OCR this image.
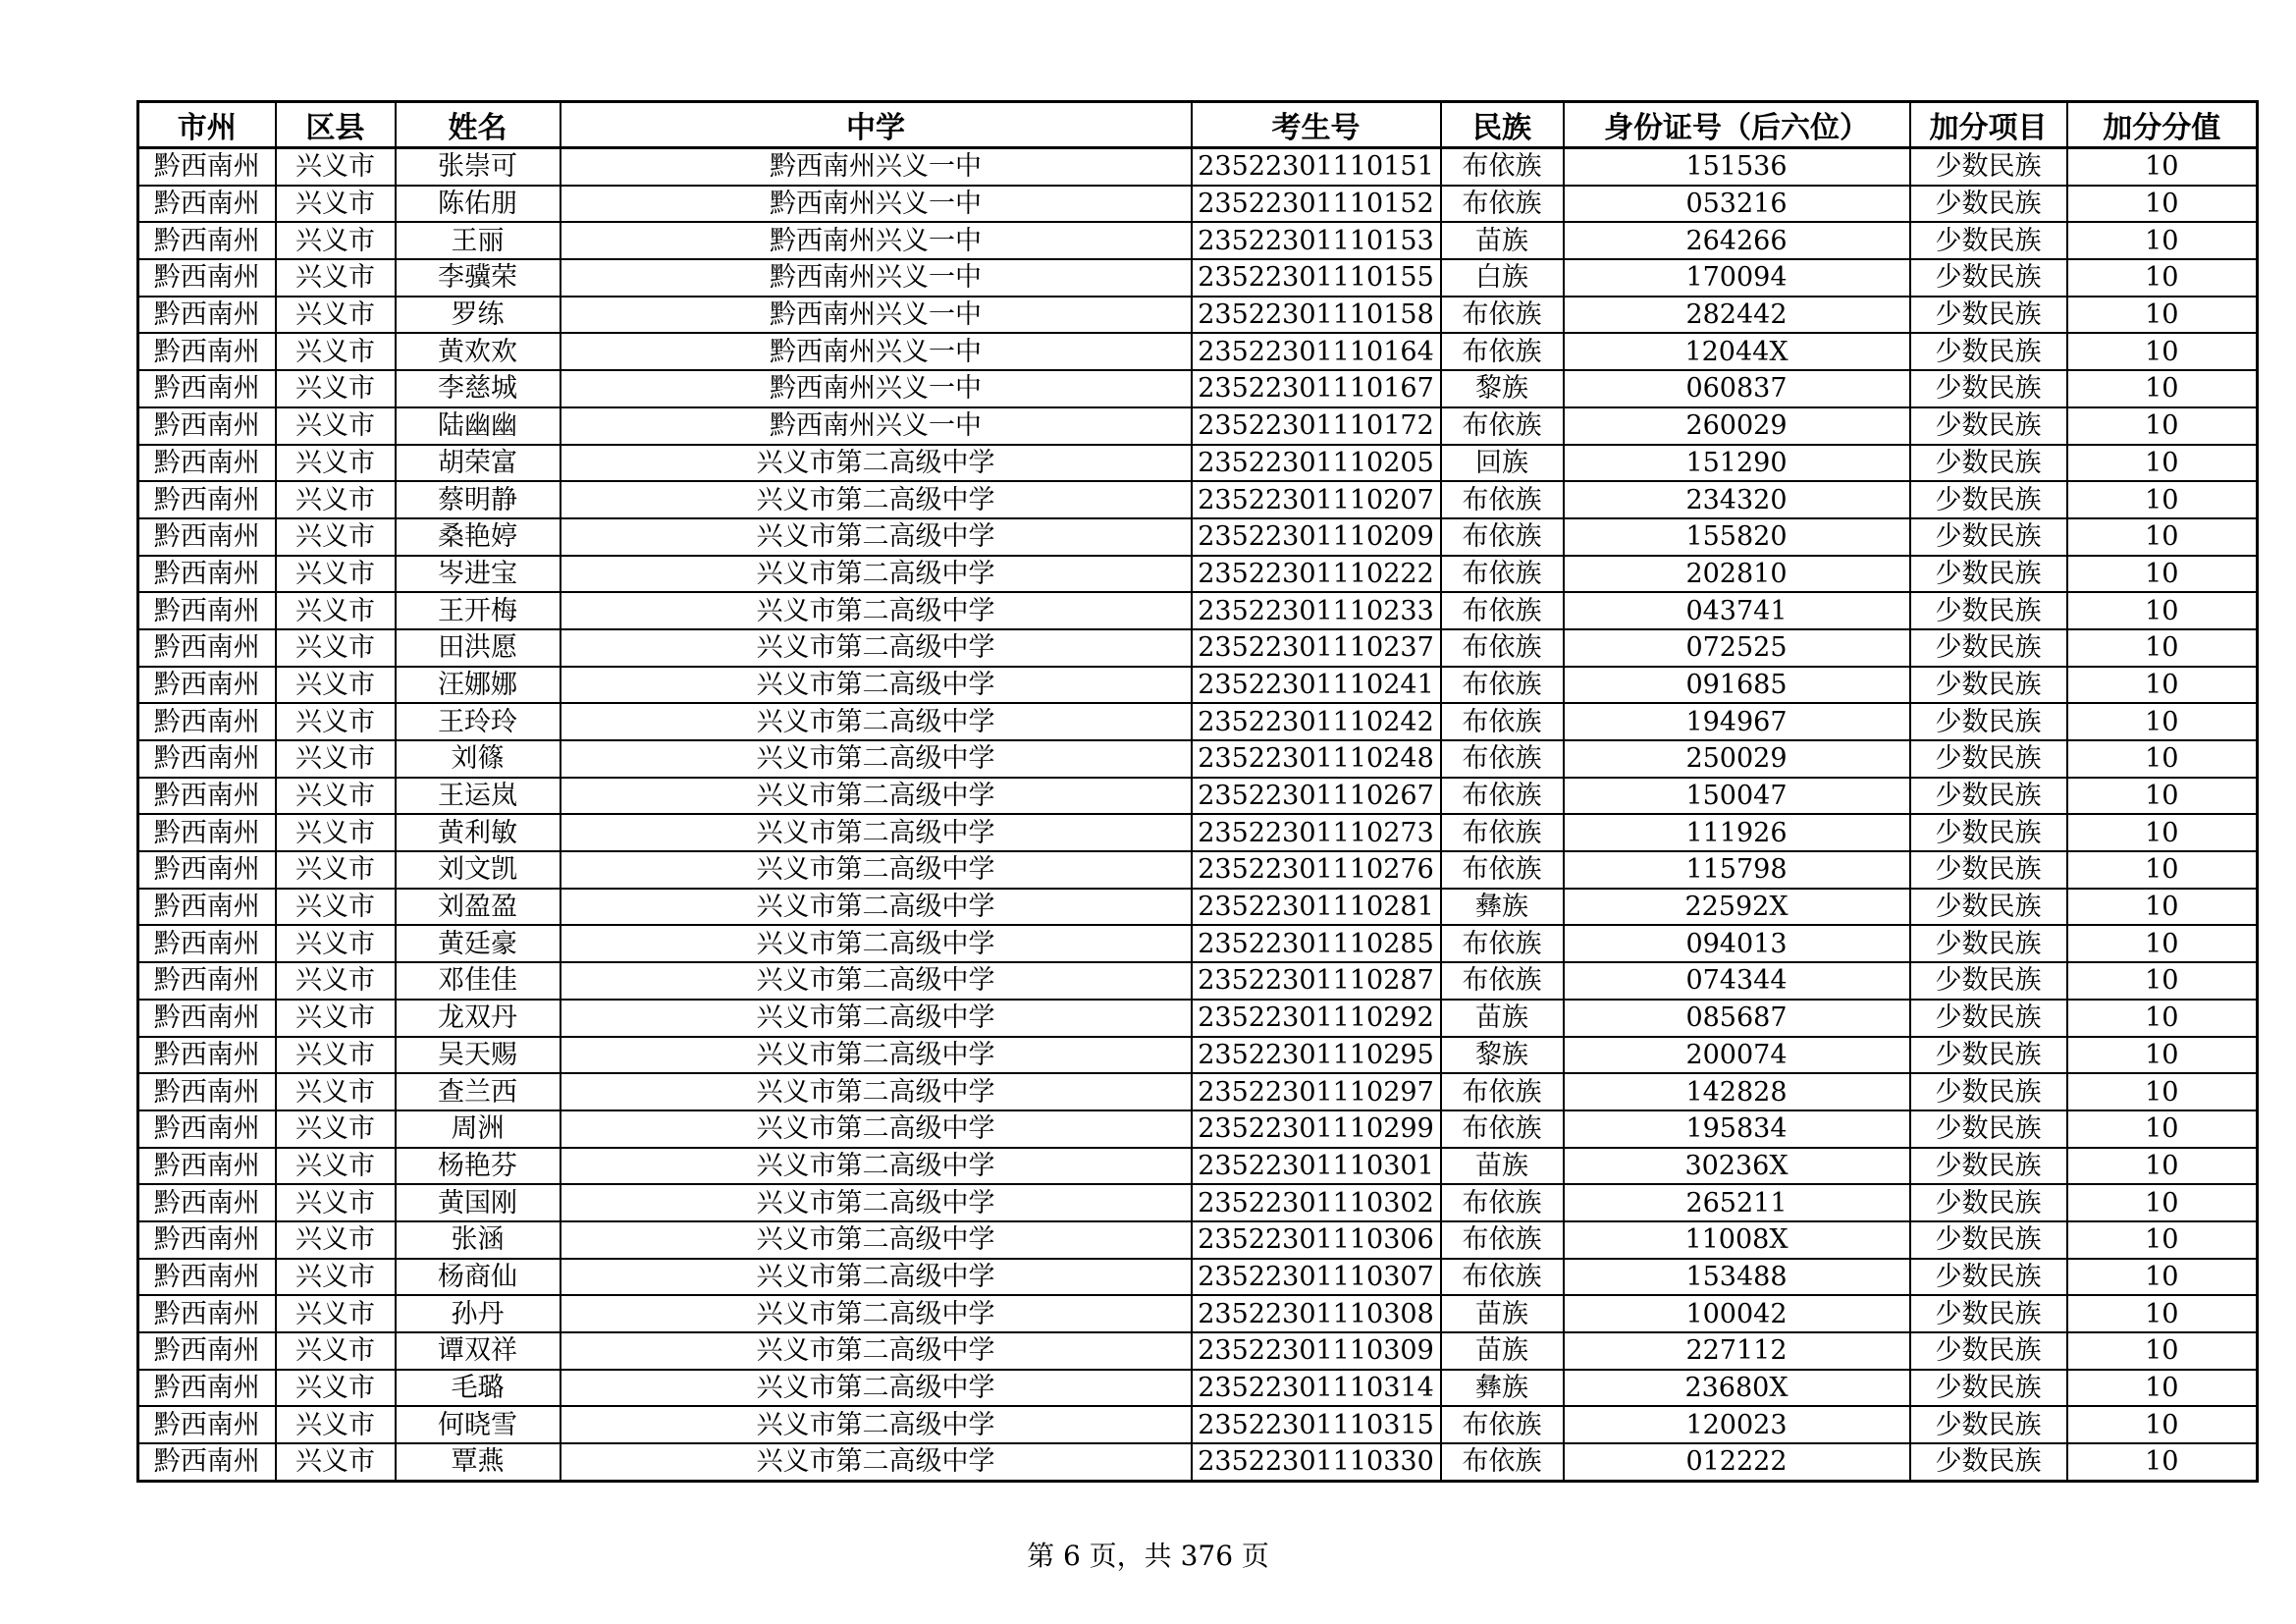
市州	区县	姓名	中学	考生号	民族	身份证号（后六位）	加分项目	加分分值
黔西南州	兴义市	张崇可	黔西南州兴义一中	23522301110151	布依族	151536	少数民族	10
黔西南州	兴义市	陈佑朋	黔西南州兴义一中	23522301110152	布依族	053216	少数民族	10
黔西南州	兴义市	王丽	黔西南州兴义一中	23522301110153	苗族	264266	少数民族	10
黔西南州	兴义市	李骥荣	黔西南州兴义一中	23522301110155	白族	170094	少数民族	10
黔西南州	兴义市	罗练	黔西南州兴义一中	23522301110158	布依族	282442	少数民族	10
黔西南州	兴义市	黄欢欢	黔西南州兴义一中	23522301110164	布依族	12044X	少数民族	10
黔西南州	兴义市	李慈城	黔西南州兴义一中	23522301110167	黎族	060837	少数民族	10
黔西南州	兴义市	陆幽幽	黔西南州兴义一中	23522301110172	布依族	260029	少数民族	10
黔西南州	兴义市	胡荣富	兴义市第二高级中学	23522301110205	回族	151290	少数民族	10
黔西南州	兴义市	蔡明静	兴义市第二高级中学	23522301110207	布依族	234320	少数民族	10
黔西南州	兴义市	桑艳婷	兴义市第二高级中学	23522301110209	布依族	155820	少数民族	10
黔西南州	兴义市	岑进宝	兴义市第二高级中学	23522301110222	布依族	202810	少数民族	10
黔西南州	兴义市	王开梅	兴义市第二高级中学	23522301110233	布依族	043741	少数民族	10
黔西南州	兴义市	田洪愿	兴义市第二高级中学	23522301110237	布依族	072525	少数民族	10
黔西南州	兴义市	汪娜娜	兴义市第二高级中学	23522301110241	布依族	091685	少数民族	10
黔西南州	兴义市	王玲玲	兴义市第二高级中学	23522301110242	布依族	194967	少数民族	10
黔西南州	兴义市	刘篠	兴义市第二高级中学	23522301110248	布依族	250029	少数民族	10
黔西南州	兴义市	王运岚	兴义市第二高级中学	23522301110267	布依族	150047	少数民族	10
黔西南州	兴义市	黄利敏	兴义市第二高级中学	23522301110273	布依族	111926	少数民族	10
黔西南州	兴义市	刘文凯	兴义市第二高级中学	23522301110276	布依族	115798	少数民族	10
黔西南州	兴义市	刘盈盈	兴义市第二高级中学	23522301110281	彝族	22592X	少数民族	10
黔西南州	兴义市	黄廷豪	兴义市第二高级中学	23522301110285	布依族	094013	少数民族	10
黔西南州	兴义市	邓佳佳	兴义市第二高级中学	23522301110287	布依族	074344	少数民族	10
黔西南州	兴义市	龙双丹	兴义市第二高级中学	23522301110292	苗族	085687	少数民族	10
黔西南州	兴义市	吴天赐	兴义市第二高级中学	23522301110295	黎族	200074	少数民族	10
黔西南州	兴义市	查兰西	兴义市第二高级中学	23522301110297	布依族	142828	少数民族	10
黔西南州	兴义市	周洲	兴义市第二高级中学	23522301110299	布依族	195834	少数民族	10
黔西南州	兴义市	杨艳芬	兴义市第二高级中学	23522301110301	苗族	30236X	少数民族	10
黔西南州	兴义市	黄国刚	兴义市第二高级中学	23522301110302	布依族	265211	少数民族	10
黔西南州	兴义市	张涵	兴义市第二高级中学	23522301110306	布依族	11008X	少数民族	10
黔西南州	兴义市	杨商仙	兴义市第二高级中学	23522301110307	布依族	153488	少数民族	10
黔西南州	兴义市	孙丹	兴义市第二高级中学	23522301110308	苗族	100042	少数民族	10
黔西南州	兴义市	谭双祥	兴义市第二高级中学	23522301110309	苗族	227112	少数民族	10
黔西南州	兴义市	毛璐	兴义市第二高级中学	23522301110314	彝族	23680X	少数民族	10
黔西南州	兴义市	何晓雪	兴义市第二高级中学	23522301110315	布依族	120023	少数民族	10
黔西南州	兴义市	覃燕	兴义市第二高级中学	23522301110330	布依族	012222	少数民族	10
第 6 页，共 376 页
